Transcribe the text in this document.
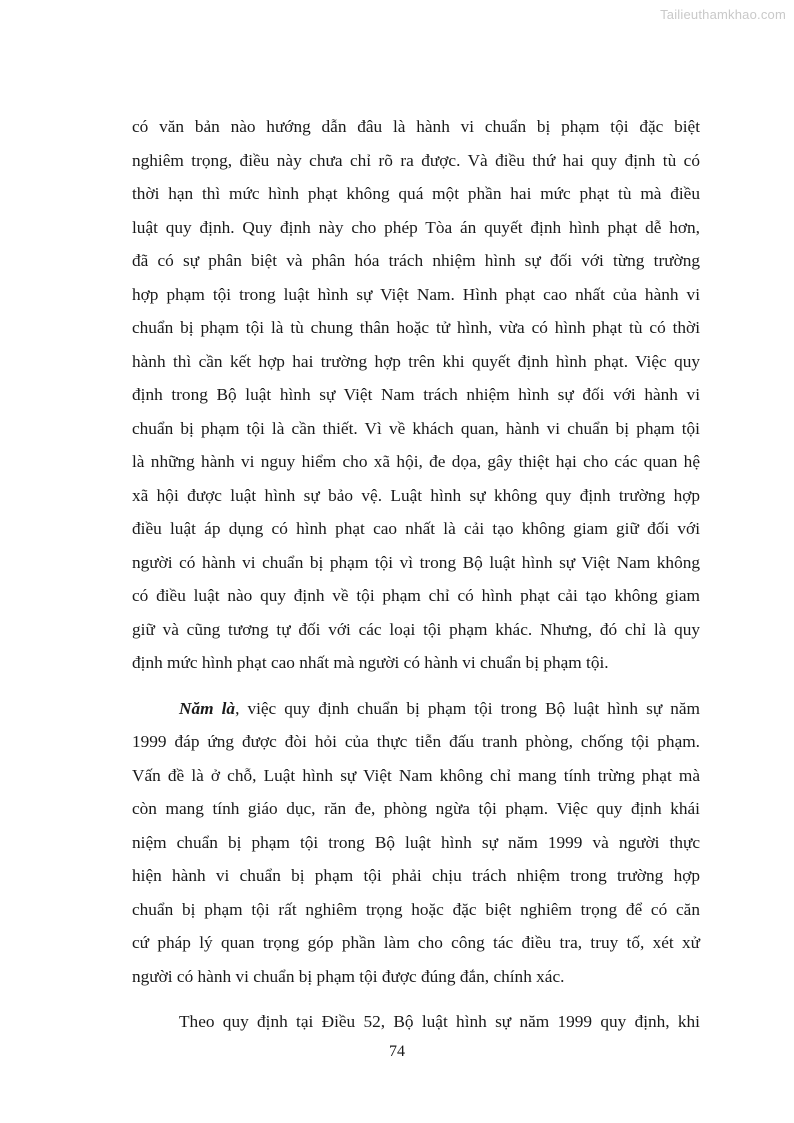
Tailieuthamkhao.com
có văn bản nào hướng dẫn đâu là hành vi chuẩn bị phạm tội đặc biệt
nghiêm trọng, điều này chưa chỉ rõ ra được. Và điều thứ hai quy định tù có
thời hạn thì mức hình phạt không quá một phần hai mức phạt tù mà điều
luật quy định. Quy định này cho phép Tòa án quyết định hình phạt dễ hơn,
đã có sự phân biệt và phân hóa trách nhiệm hình sự đối với từng trường
hợp phạm tội trong luật hình sự Việt Nam. Hình phạt cao nhất của hành vi
chuẩn bị phạm tội là tù chung thân hoặc tử hình, vừa có hình phạt tù có thời
hành thì cần kết hợp hai trường hợp trên khi quyết định hình phạt. Việc quy
định trong Bộ luật hình sự Việt Nam trách nhiệm hình sự đối với hành vi
chuẩn bị phạm tội là cần thiết. Vì về khách quan, hành vi chuẩn bị phạm tội
là những hành vi nguy hiểm cho xã hội, đe dọa, gây thiệt hại cho các quan hệ
xã hội được luật hình sự bảo vệ. Luật hình sự không quy định trường hợp
điều luật áp dụng có hình phạt cao nhất là cải tạo không giam giữ đối với
người có hành vi chuẩn bị phạm tội vì trong Bộ luật hình sự Việt Nam không
có điều luật nào quy định về tội phạm chỉ có hình phạt cải tạo không giam
giữ và cũng tương tự đối với các loại tội phạm khác. Nhưng, đó chỉ là quy
định mức hình phạt cao nhất mà người có hành vi chuẩn bị phạm tội.
Năm là, việc quy định chuẩn bị phạm tội trong Bộ luật hình sự năm
1999 đáp ứng được đòi hỏi của thực tiễn đấu tranh phòng, chống tội phạm.
Vấn đề là ở chỗ, Luật hình sự Việt Nam không chỉ mang tính trừng phạt mà
còn mang tính giáo dục, răn đe, phòng ngừa tội phạm. Việc quy định khái
niệm chuẩn bị phạm tội trong Bộ luật hình sự năm 1999 và người thực
hiện hành vi chuẩn bị phạm tội phải chịu trách nhiệm trong trường hợp
chuẩn bị phạm tội rất nghiêm trọng hoặc đặc biệt nghiêm trọng để có căn
cứ pháp lý quan trọng góp phần làm cho công tác điều tra, truy tố, xét xử
người có hành vi chuẩn bị phạm tội được đúng đắn, chính xác.
Theo quy định tại Điều 52, Bộ luật hình sự năm 1999 quy định, khi
74
